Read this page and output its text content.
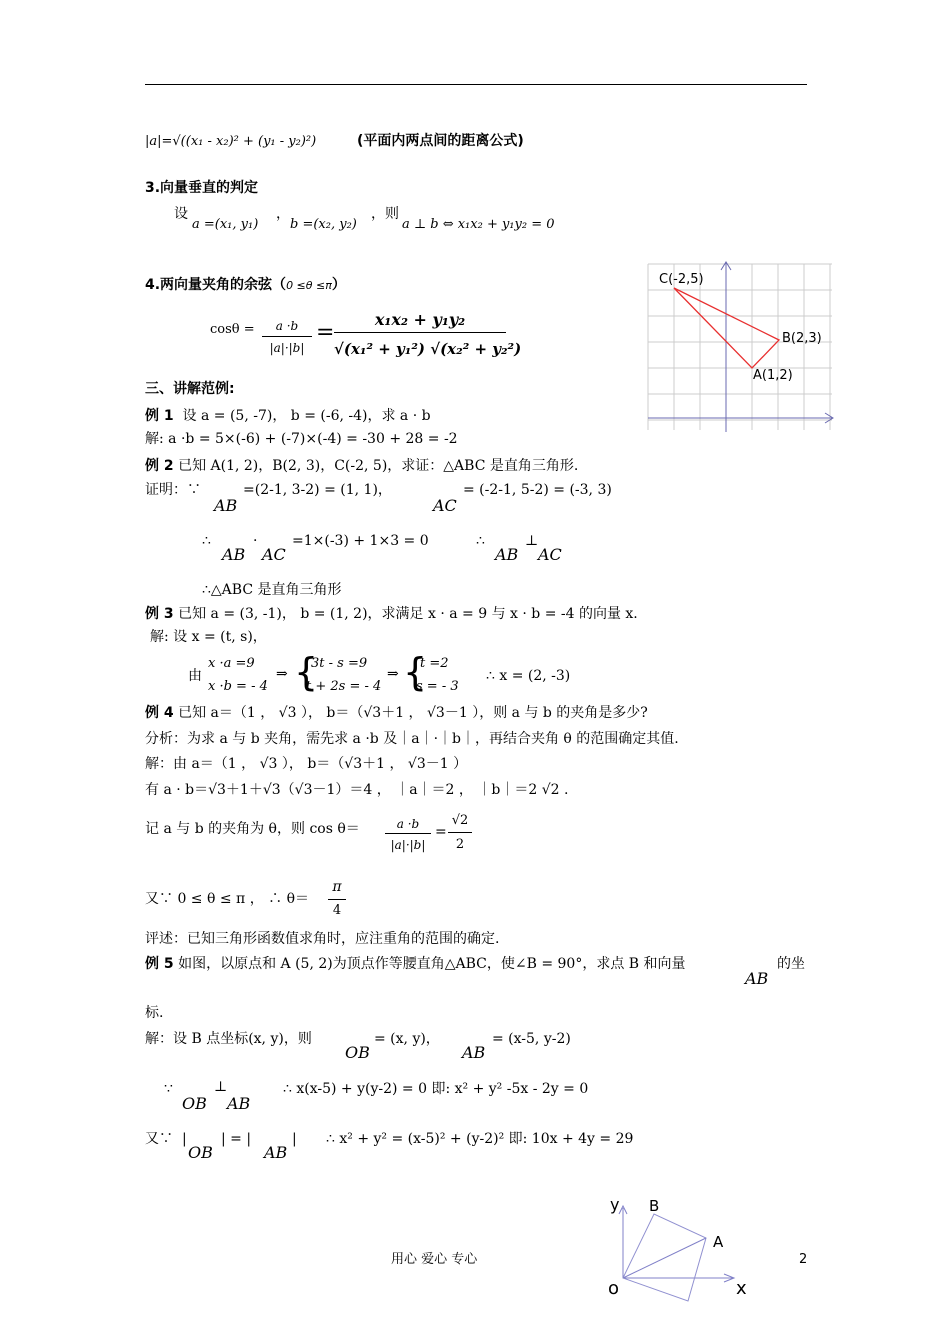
|a|=√((x₁ - x₂)² + (y₁ - y₂)²)	(平面内两点间的距离公式)
3.向量垂直的判定
设
a =(x₁, y₁)
，
b =(x₂, y₂)
，则
a ⊥ b ⇔ x₁x₂ + y₁y₂ = 0
4.两向量夹角的余弦（0 ≤θ ≤π）
cosθ =	a ·b
|a|·|b|
=
x₁x₂ + y₁y₂
√(x₁² + y₁²) √(x₂² + y₂²)
C(-2,5)
B(2,3)
A(1,2)
三、讲解范例:
例 1 设 a = (5, -7)， b = (-6, -4)，求 a · b
解: a ·b = 5×(-6) + (-7)×(-4) = -30 + 28 = -2
例 2 已知 A(1, 2)，B(2, 3)，C(-2, 5)，求证：△ABC 是直角三角形.
证明：∵
AB
=(2-1, 3-2) = (1, 1)，
AC
= (-2-1, 5-2) = (-3, 3)
∴
AB
·
AC
=1×(-3) + 1×3 = 0	∴
AB
⊥
AC
∴△ABC 是直角三角形
例 3 已知 a = (3, -1)， b = (1, 2)，求满足 x · a = 9 与 x · b = -4 的向量 x.
解: 设 x = (t, s)，
由
x ·a =9
x ·b = - 4
⇒ {
3t - s =9
t + 2s = - 4
⇒ {
t =2
s = - 3
∴ x = (2, -3)
例 4 已知 a＝（1 ， √3 ）， b＝（√3＋1 ， √3－1 ），则 a 与 b 的夹角是多少?
分析：为求 a 与 b 夹角，需先求 a ·b 及｜a｜·｜b｜，再结合夹角 θ 的范围确定其值.
解：由 a＝（1 ， √3 ）， b＝（√3＋1 ， √3－1 ）
有 a · b＝√3＋1＋√3（√3－1）＝4 ， ｜a｜＝2 ， ｜b｜＝2 √2 .
记 a 与 b 的夹角为 θ，则 cos θ＝	a ·b
|a|·|b|
=
√2
2
又∵ 0 ≤ θ ≤ π ， ∴ θ＝
π
4
评述：已知三角形函数值求角时，应注重角的范围的确定.
例 5 如图，以原点和 A (5, 2)为顶点作等腰直角△ABC，使∠B = 90°，求点 B 和向量
AB
的坐
标.
解：设 B 点坐标(x, y)，则
OB
= (x, y)，
AB
= (x-5, y-2)
∵
OB
⊥
AB
∴ x(x-5) + y(y-2) = 0 即: x² + y² -5x - 2y = 0
又∵ |
OB
| = |
AB
| ∴ x² + y² = (x-5)² + (y-2)² 即: 10x + 4y = 29
y B
A
o	x
用心 爱心 专心	2
